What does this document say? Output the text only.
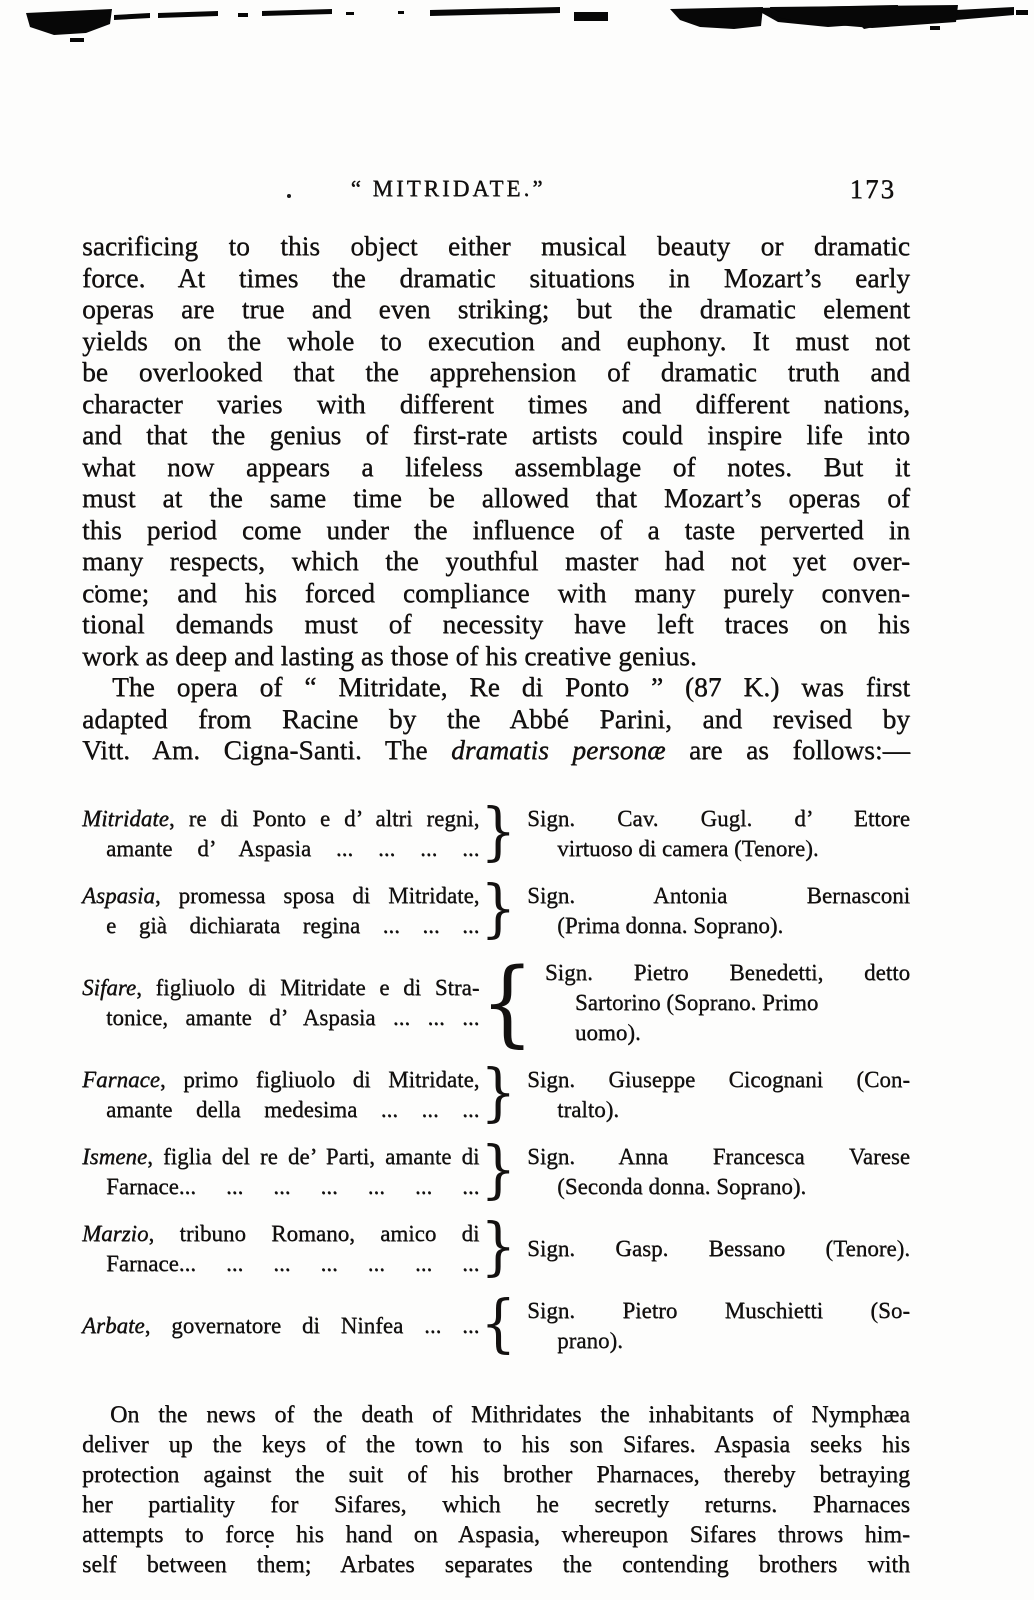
“ MITRIDATE.”	173
sacrificing to this object either musical beauty or dramatic
force. At times the dramatic situations in Mozart’s early
operas are true and even striking; but the dramatic element
yields on the whole to execution and euphony. It must not
be overlooked that the apprehension of dramatic truth and
character varies with different times and different nations,
and that the genius of first-rate artists could inspire life into
what now appears a lifeless assemblage of notes. But it
must at the same time be allowed that Mozart’s operas of
this period come under the influence of a taste perverted in
many respects, which the youthful master had not yet over-
come; and his forced compliance with many purely conven-
tional demands must of necessity have left traces on his
work as deep and lasting as those of his creative genius.
The opera of “ Mitridate, Re di Ponto ” (87 K.) was first
adapted from Racine by the Abbé Parini, and revised by
Vitt. Am. Cigna-Santi. The dramatis personæ are as follows:—
Mitridate, re di Ponto e d’ altri regni,
amante d’ Aspasia ... ... ... ... } Sign. Cav. Gugl. d’ Ettore
virtuoso di camera (Tenore).
Aspasia, promessa sposa di Mitridate,
e già dichiarata regina ... ... ... } Sign. Antonia Bernasconi
(Prima donna. Soprano).
Sifare, figliuolo di Mitridate e di Stra-
tonice, amante d’ Aspasia ... ... ... { Sign. Pietro Benedetti, detto
Sartorino (Soprano. Primo
uomo).
Farnace, primo figliuolo di Mitridate,
amante della medesima ... ... ... } Sign. Giuseppe Cicognani (Con-
tralto).
Ismene, figlia del re de’ Parti, amante di
Farnace... ... ... ... ... ... ... } Sign. Anna Francesca Varese
(Seconda donna. Soprano).
Marzio, tribuno Romano, amico di
Farnace... ... ... ... ... ... ... } Sign. Gasp. Bessano (Tenore).
Arbate, governatore di Ninfea ... ... { Sign. Pietro Muschietti (So-
prano).
On the news of the death of Mithridates the inhabitants of Nymphæa
deliver up the keys of the town to his son Sifares. Aspasia seeks his
protection against the suit of his brother Pharnaces, thereby betraying
her partiality for Sifares, which he secretly returns. Pharnaces
attempts to force his hand on Aspasia, whereupon Sifares throws him-
self between them; Arbates separates the contending brothers with
